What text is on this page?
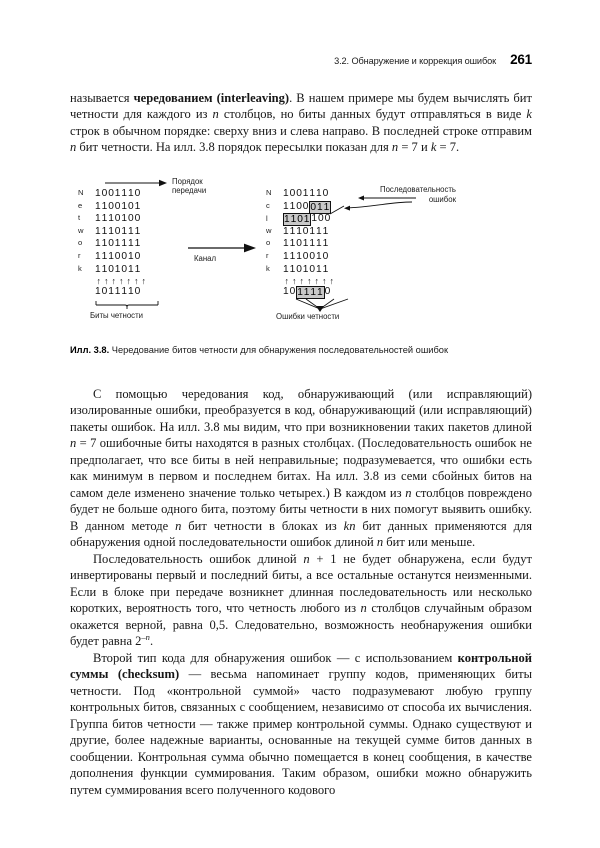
3.2. Обнаружение и коррекция ошибок 261

называется чередованием (interleaving). В нашем примере мы будем вычислять бит четности для каждого из n столбцов, но биты данных будут отправляться в виде k строк в обычном порядке: сверху вниз и слева направо. В последней строке отправим n бит четности. На илл. 3.8 порядок пересылки показан для n = 7 и k = 7.

Порядок
передачи
N	1 0 0 1 1 1 0
e	1 1 0 0 1 0 1
t	1 1 1 0 1 0 0
w	1 1 1 0 1 1 1
o	1 1 0 1 1 1 1
r	1 1 1 0 0 1 0
k	1 1 0 1 0 1 1
↑ ↑ ↑ ↑ ↑ ↑ ↑
1 0 1 1 1 1 0
Биты четности
Канал
Последовательность
ошибок
N	1 0 0 1 1 1 0
c	1 1 0 0 0 1 1
l	1 1 0 1 1 0 0
w	1 1 1 0 1 1 1
o	1 1 0 1 1 1 1
r	1 1 1 0 0 1 0
k	1 1 0 1 0 1 1
↑ ↑ ↑ ↑ ↑ ↑ ↑
1 0 1 1 1 1 0
Ошибки четности
Илл. 3.8. Чередование битов четности для обнаружения последовательностей ошибок

С помощью чередования код, обнаруживающий (или исправляющий) изолированные ошибки, преобразуется в код, обнаруживающий (или исправляющий) пакеты ошибок. На илл. 3.8 мы видим, что при возникновении таких пакетов длиной n = 7 ошибочные биты находятся в разных столбцах. (Последовательность ошибок не предполагает, что все биты в ней неправильные; подразумевается, что ошибки есть как минимум в первом и последнем битах. На илл. 3.8 из семи сбойных битов на самом деле изменено значение только четырех.) В каждом из n столбцов повреждено будет не больше одного бита, поэтому биты четности в них помогут выявить ошибку. В данном методе n бит четности в блоках из kn бит данных применяются для обнаружения одной последовательности ошибок длиной n бит или меньше.

Последовательность ошибок длиной n + 1 не будет обнаружена, если будут инвертированы первый и последний биты, а все остальные останутся неизменными. Если в блоке при передаче возникнет длинная последовательность или несколько коротких, вероятность того, что четность любого из n столбцов случайным образом окажется верной, равна 0,5. Следовательно, возможность необнаружения ошибки будет равна $2^{-n}$.

Второй тип кода для обнаружения ошибок — с использованием контрольной суммы (checksum) — весьма напоминает группу кодов, применяющих биты четности. Под «контрольной суммой» часто подразумевают любую группу контрольных битов, связанных с сообщением, независимо от способа их вычисления. Группа битов четности — также пример контрольной суммы. Однако существуют и другие, более надежные варианты, основанные на текущей сумме битов данных в сообщении. Контрольная сумма обычно помещается в конец сообщения, в качестве дополнения функции суммирования. Таким образом, ошибки можно обнаружить путем суммирования всего полученного кодового
